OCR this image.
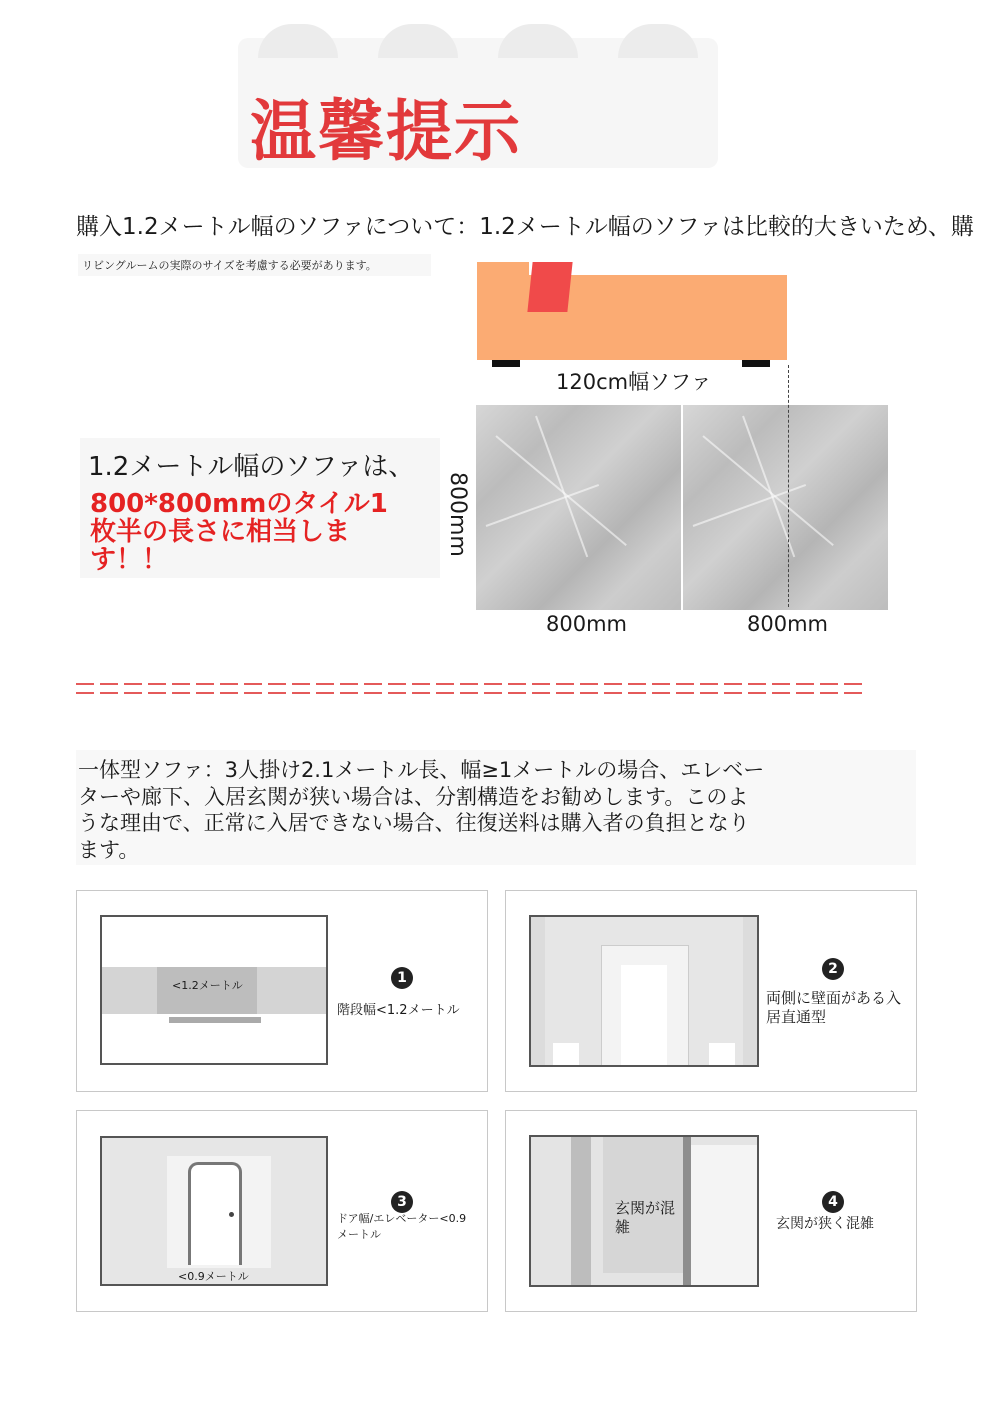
温馨提示
購入1.2メートル幅のソファについて：1.2メートル幅のソファは比較的大きいため、購
リビングルームの実際のサイズを考慮する必要があります。
1.2メートル幅のソファは、
800*800mmのタイル1枚半の長さに相当します！！
120cm幅ソファ
800mm
800mm	800mm
一体型ソファ：3人掛け2.1メートル長、幅≥1メートルの場合、エレベーターや廊下、入居玄関が狭い場合は、分割構造をお勧めします。このような理由で、正常に入居できない場合、往復送料は購入者の負担となります。
<1.2メートル	1
階段幅<1.2メートル
2
両側に壁面がある入居直通型
<0.9メートル
3
ドア幅/エレベーター<0.9メートル
玄関が混雑
4
玄関が狭く混雑
